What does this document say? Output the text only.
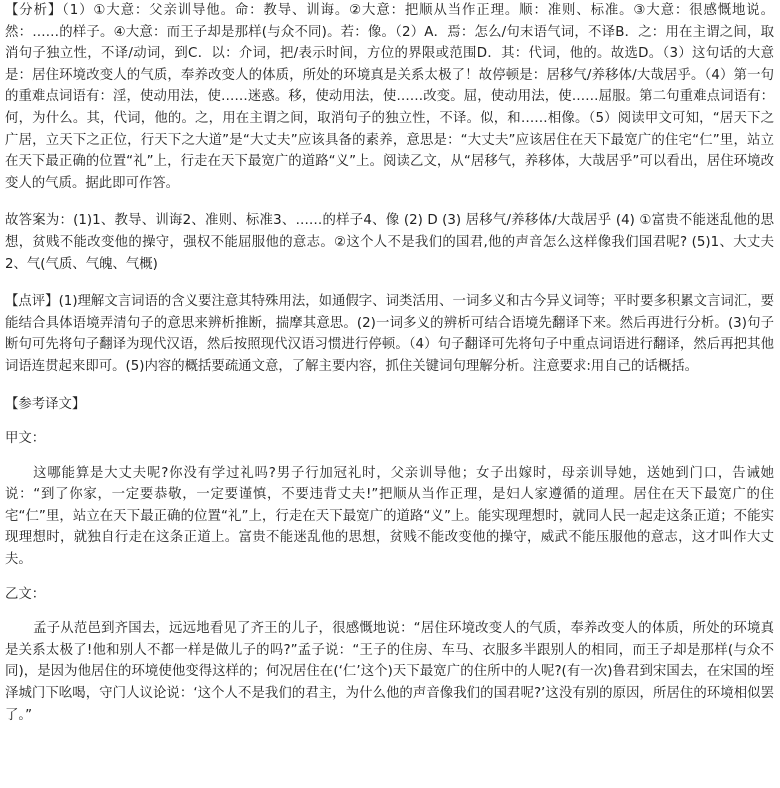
【分析】（1）①大意：父亲训导他。命：教导、训诲。②大意：把顺从当作正理。顺：准则、标准。③大意：很感慨地说。然：……的样子。④大意：而王子却是那样(与众不同)。若：像。（2）A．焉：怎么/句末语气词，不译B．之：用在主谓之间，取消句子独立性，不译/动词，到C．以：介词，把/表示时间，方位的界限或范围D．其：代词，他的。故选D。（3）这句话的大意是：居住环境改变人的气质，奉养改变人的体质，所处的环境真是关系太极了！故停顿是：居移气/养移体/大哉居乎。（4）第一句的重难点词语有：淫，使动用法，使……迷惑。移，使动用法，使……改变。屈，使动用法，使……屈服。第二句重难点词语有：何，为什么。其，代词，他的。之，用在主谓之间，取消句子的独立性，不译。似，和……相像。（5）阅读甲文可知，“居天下之广居，立天下之正位，行天下之大道”是“大丈夫”应该具备的素养，意思是：“大丈夫”应该居住在天下最宽广的住宅“仁”里，站立在天下最正确的位置“礼”上，行走在天下最宽广的道路“义”上。阅读乙文，从“居移气，养移体，大哉居乎”可以看出，居住环境改变人的气质。据此即可作答。

故答案为：(1)1、教导、训诲2、准则、标准3、……的样子4、像 (2) D (3) 居移气/养移体/大哉居乎 (4) ①富贵不能迷乱他的思想，贫贱不能改变他的操守，强权不能屈服他的意志。②这个人不是我们的国君,他的声音怎么这样像我们国君呢? (5)1、大丈夫2、气(气质、气魄、气概)

【点评】(1)理解文言词语的含义要注意其特殊用法，如通假字、词类活用、一词多义和古今异义词等；平时要多积累文言词汇，要能结合具体语境弄清句子的意思来辨析推断，揣摩其意思。(2)一词多义的辨析可结合语境先翻译下来。然后再进行分析。(3)句子断句可先将句子翻译为现代汉语，然后按照现代汉语习惯进行停顿。（4）句子翻译可先将句子中重点词语进行翻译，然后再把其他词语连贯起来即可。(5)内容的概括要疏通文意，了解主要内容，抓住关键词句理解分析。注意要求:用自己的话概括。

【参考译文】

甲文：

这哪能算是大丈夫呢?你没有学过礼吗?男子行加冠礼时，父亲训导他；女子出嫁时，母亲训导她，送她到门口，告诫她说：“到了你家，一定要恭敬，一定要谨慎，不要违背丈夫!”把顺从当作正理，是妇人家遵循的道理。居住在天下最宽广的住宅“仁”里，站立在天下最正确的位置“礼”上，行走在天下最宽广的道路“义”上。能实现理想时，就同人民一起走这条正道；不能实现理想时，就独自行走在这条正道上。富贵不能迷乱他的思想，贫贱不能改变他的操守，威武不能压服他的意志，这才叫作大丈夫。

乙文：

孟子从范邑到齐国去，远远地看见了齐王的儿子，很感慨地说：“居住环境改变人的气质，奉养改变人的体质，所处的环境真是关系太极了!他和别人不都一样是做儿子的吗?”孟子说：“王子的住房、车马、衣服多半跟别人的相同，而王子却是那样(与众不同)，是因为他居住的环境使他变得这样的；何况居住在(‘仁’这个)天下最宽广的住所中的人呢?(有一次)鲁君到宋国去，在宋国的垤泽城门下吆喝，守门人议论说：‘这个人不是我们的君主，为什么他的声音像我们的国君呢?’这没有别的原因，所居住的环境相似罢了。”
